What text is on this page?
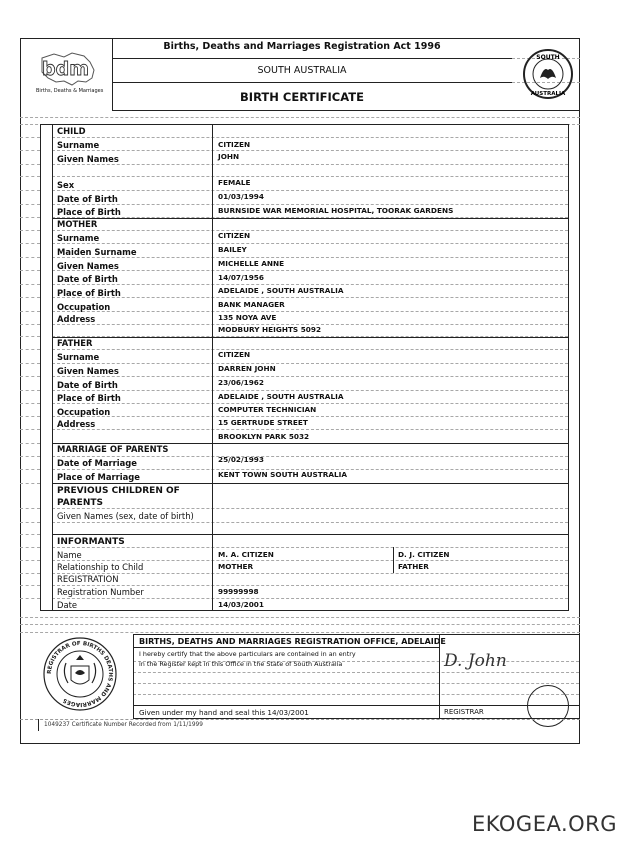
bdm
Births, Deaths & Marriages
Births, Deaths and Marriages Registration Act 1996
SOUTH AUSTRALIA
BIRTH CERTIFICATE
SOUTH
AUSTRALIA
CHILD
Surname	CITIZEN
Given Names	JOHN
Sex	FEMALE
Date of Birth	01/03/1994
Place of Birth	BURNSIDE WAR MEMORIAL HOSPITAL, TOORAK GARDENS
MOTHER
Surname	CITIZEN
Maiden Surname	BAILEY
Given Names	MICHELLE ANNE
Date of Birth	14/07/1956
Place of Birth	ADELAIDE , SOUTH AUSTRALIA
Occupation	BANK MANAGER
Address	135 NOYA AVE
MODBURY HEIGHTS 5092
FATHER
Surname	CITIZEN
Given Names	DARREN JOHN
Date of Birth	23/06/1962
Place of Birth	ADELAIDE , SOUTH AUSTRALIA
Occupation	COMPUTER TECHNICIAN
Address	15 GERTRUDE STREET
BROOKLYN PARK 5032
MARRIAGE OF PARENTS
Date of Marriage	25/02/1993
Place of Marriage	KENT TOWN SOUTH AUSTRALIA
PREVIOUS CHILDREN OF
PARENTS
Given Names (sex, date of birth)
INFORMANTS
Name	M. A. CITIZEN	D. J. CITIZEN
Relationship to Child	MOTHER	FATHER
REGISTRATION
Registration Number	99999998
Date	14/03/2001
REGISTRAR OF BIRTHS DEATHS AND MARRIAGES
BIRTHS, DEATHS AND MARRIAGES REGISTRATION OFFICE, ADELAIDE
I hereby certify that the above particulars are contained in an entry
in the Register kept in this Office in the State of South Australia	D. John
Given under my hand and seal this 14/03/2001	REGISTRAR
1049237 Certificate Number Recorded from 1/11/1999
EKOGEA.ORG
